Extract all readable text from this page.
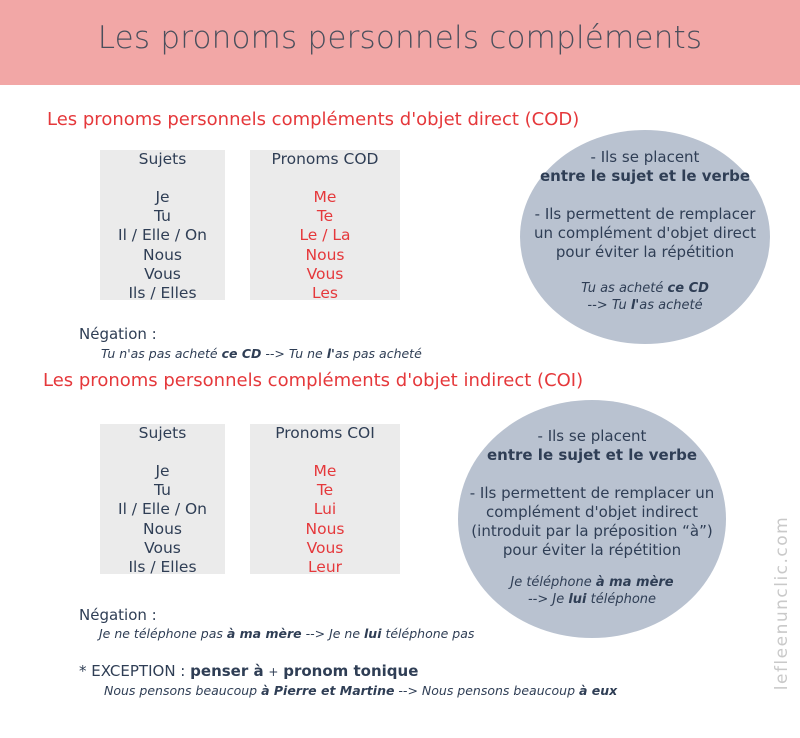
Les pronoms personnels compléments
Les pronoms personnels compléments d'objet direct (COD)
Sujets
Je
Tu
Il / Elle / On
Nous
Vous
Ils / Elles
Pronoms COD
Me
Te
Le / La
Nous
Vous
Les

- Ils se placent

entre le sujet et le verbe

- Ils permettent de remplacer un complément d'objet direct pour éviter la répétition

Tu as acheté ce CD
--> Tu l'as acheté

Négation :
Tu n'as pas acheté ce CD --> Tu ne l'as pas acheté
Les pronoms personnels compléments d'objet indirect (COI)
Sujets
Je
Tu
Il / Elle / On
Nous
Vous
Ils / Elles
Pronoms COI
Me
Te
Lui
Nous
Vous
Leur

- Ils se placent

entre le sujet et le verbe

- Ils permettent de remplacer un complément d'objet indirect (introduit par la préposition “à”) pour éviter la répétition

Je téléphone à ma mère
--> Je lui téléphone

Négation :
Je ne téléphone pas à ma mère --> Je ne lui téléphone pas
* EXCEPTION : penser à + pronom tonique
Nous pensons beaucoup à Pierre et Martine --> Nous pensons beaucoup à eux
lefleenunclic.com
